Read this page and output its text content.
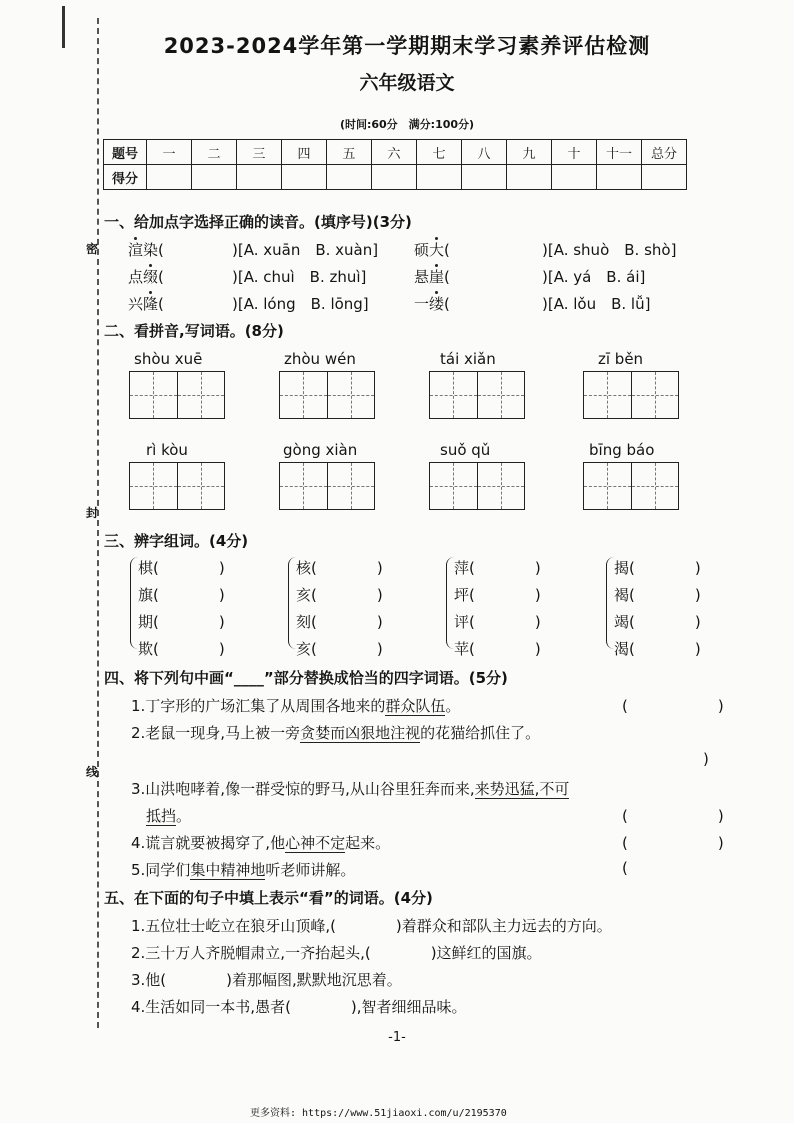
密
封
线
2023-2024学年第一学期期末学习素养评估检测
六年级语文
(时间:60分　满分:100分)
题号	一	二	三	四	五	六	七	八	九	十	十一	总分
得分												
一、给加点字选择正确的读音。(填序号)(3分)
渲染(	)[A. xuān　B. xuàn] 硕大(	)[A. shuò　B. shò]
点缀(	)[A. chuì　B. zhuì]	悬崖(	)[A. yá　B. ái]
兴隆(	)[A. lóng　B. lōng]	一缕(	)[A. lǒu　B. lǚ]
二、看拼音,写词语。(8分)
shòu xuē	zhòu wén	tái xiǎn	zī běn
rì kòu	gòng xiàn	suǒ qǔ	bīng báo
三、辨字组词。(4分)
棋(　　　　)
旗(　　　　)
期(　　　　)
欺(　　　　)
核(　　　　)
亥(　　　　)
刻(　　　　)
亥(　　　　)
萍(　　　　)
坪(　　　　)
评(　　　　)
苹(　　　　)
揭(　　　　)
褐(　　　　)
竭(　　　　)
渴(　　　　)
四、将下列句中画“____”部分替换成恰当的四字词语。(5分)
1.丁字形的广场汇集了从周围各地来的群众队伍。	(　　　　　　	)
2.老鼠一现身,马上被一旁贪婪而凶狠地注视的花猫给抓住了。
)
3.山洪咆哮着,像一群受惊的野马,从山谷里狂奔而来,来势迅猛,不可
抵挡。	(　　　　　　	)
4.谎言就要被揭穿了,他心神不定起来。	(　　　　　　	)
5.同学们集中精神地听老师讲解。	(
五、在下面的句子中填上表示“看”的词语。(4分)
1.五位壮士屹立在狼牙山顶峰,(　　　　)着群众和部队主力远去的方向。
2.三十万人齐脱帽肃立,一齐抬起头,(　　　　)这鲜红的国旗。
3.他(　　　　)着那幅图,默默地沉思着。
4.生活如同一本书,愚者(　　　　),智者细细品味。
-1-
更多资料: https://www.51jiaoxi.com/u/2195370
